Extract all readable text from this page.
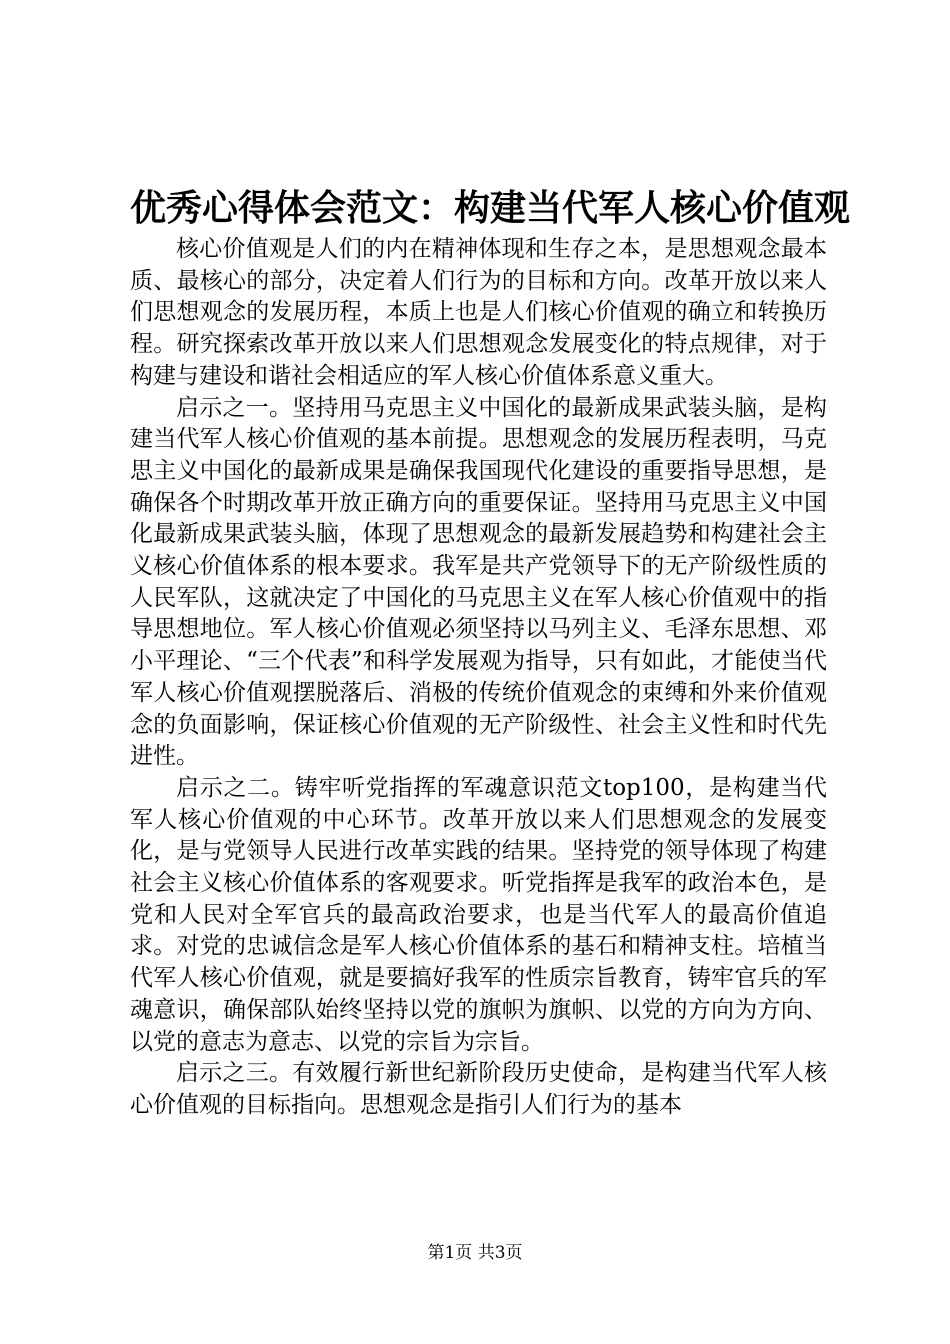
优秀心得体会范文：构建当代军人核心价值观

核心价值观是人们的内在精神体现和生存之本，是思想观念最本质、最核心的部分，决定着人们行为的目标和方向。改革开放以来人们思想观念的发展历程，本质上也是人们核心价值观的确立和转换历程。研究探索改革开放以来人们思想观念发展变化的特点规律，对于构建与建设和谐社会相适应的军人核心价值体系意义重大。

启示之一。坚持用马克思主义中国化的最新成果武装头脑，是构建当代军人核心价值观的基本前提。思想观念的发展历程表明，马克思主义中国化的最新成果是确保我国现代化建设的重要指导思想，是确保各个时期改革开放正确方向的重要保证。坚持用马克思主义中国化最新成果武装头脑，体现了思想观念的最新发展趋势和构建社会主义核心价值体系的根本要求。我军是共产党领导下的无产阶级性质的人民军队，这就决定了中国化的马克思主义在军人核心价值观中的指导思想地位。军人核心价值观必须坚持以马列主义、毛泽东思想、邓小平理论、“三个代表”和科学发展观为指导，只有如此，才能使当代军人核心价值观摆脱落后、消极的传统价值观念的束缚和外来价值观念的负面影响，保证核心价值观的无产阶级性、社会主义性和时代先进性。

启示之二。铸牢听党指挥的军魂意识范文top100，是构建当代军人核心价值观的中心环节。改革开放以来人们思想观念的发展变化，是与党领导人民进行改革实践的结果。坚持党的领导体现了构建社会主义核心价值体系的客观要求。听党指挥是我军的政治本色，是党和人民对全军官兵的最高政治要求，也是当代军人的最高价值追求。对党的忠诚信念是军人核心价值体系的基石和精神支柱。培植当代军人核心价值观，就是要搞好我军的性质宗旨教育，铸牢官兵的军魂意识，确保部队始终坚持以党的旗帜为旗帜、以党的方向为方向、以党的意志为意志、以党的宗旨为宗旨。

启示之三。有效履行新世纪新阶段历史使命，是构建当代军人核心价值观的目标指向。思想观念是指引人们行为的基本

第1页 共3页
